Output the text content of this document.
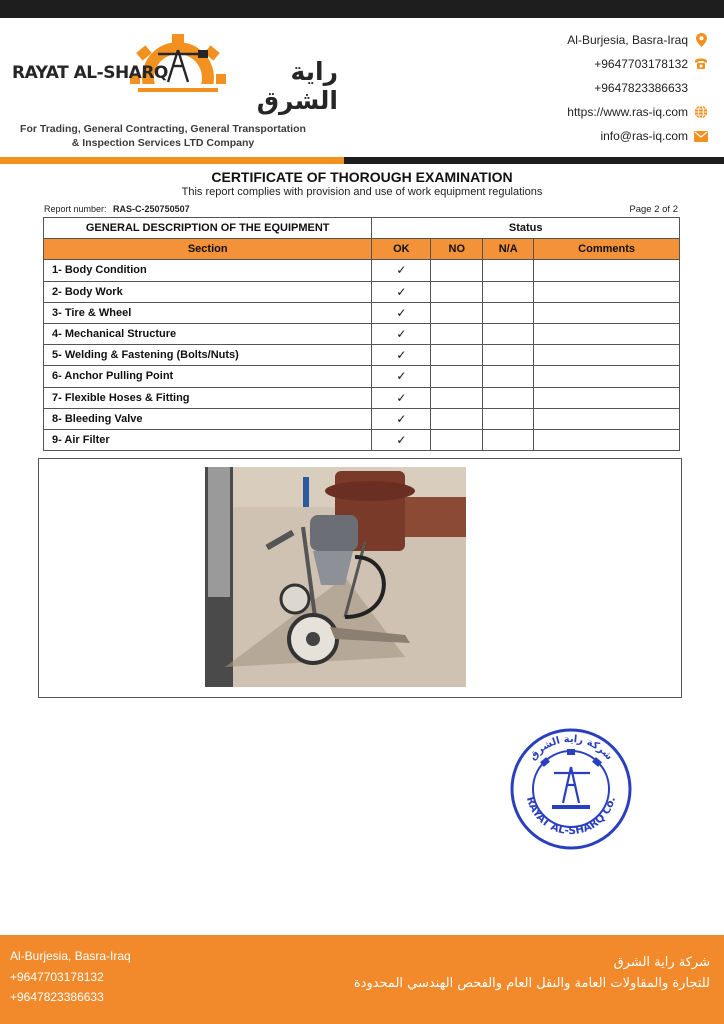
RAYAT AL-SHARQ	راية الشرق
For Trading, General Contracting, General Transportation
& Inspection Services LTD Company
Al-Burjesia, Basra-Iraq
+9647703178132
+9647823386633
https://www.ras-iq.com
info@ras-iq.com
CERTIFICATE OF THOROUGH EXAMINATION
This report complies with provision and use of work equipment regulations
Report number: RAS-C-250750507	Page 2 of 2
GENERAL DESCRIPTION OF THE EQUIPMENT	Status			
Section	OK	NO	N/A	Comments
1- Body Condition	✓			
2- Body Work	✓			
3- Tire & Wheel	✓			
4- Mechanical Structure	✓			
5- Welding & Fastening (Bolts/Nuts)	✓			
6- Anchor Pulling Point	✓			
7- Flexible Hoses & Fitting	✓			
8- Bleeding Valve	✓			
9- Air Filter	✓			
RAYAT AL-SHARQ Co.
شركة راية الشرق
Al-Burjesia, Basra-Iraq
+9647703178132
+9647823386633
شركة راية الشرق
للتجارة والمقاولات العامة والنقل العام والفحص الهندسي المحدودة
